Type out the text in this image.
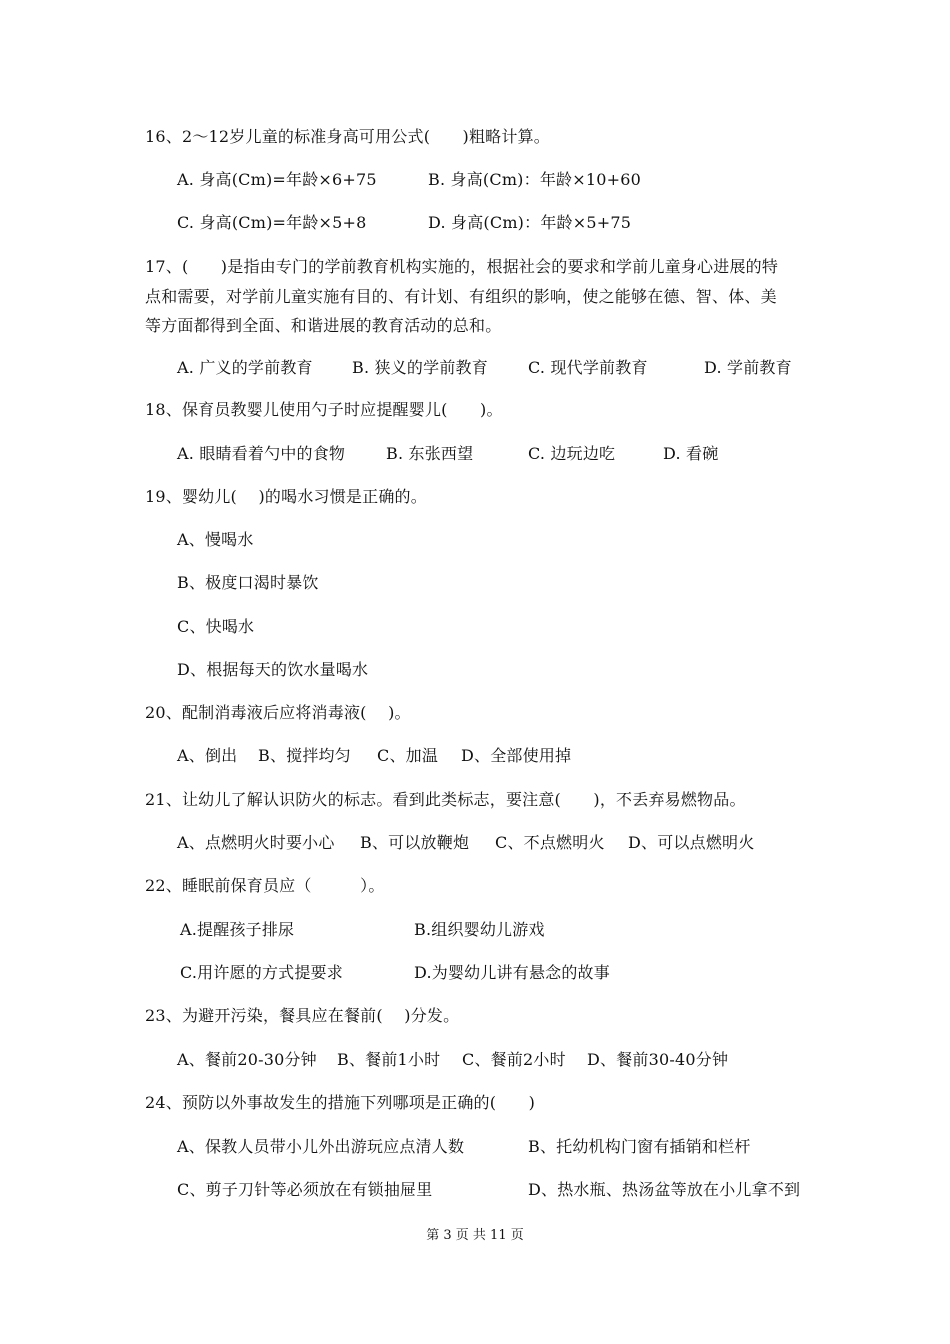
16、2～12岁儿童的标准身高可用公式(　　)粗略计算。
A. 身高(Cm)=年龄×6+75	B. 身高(Cm)：年龄×10+60
C. 身高(Cm)=年龄×5+8	D. 身高(Cm)：年龄×5+75
17、(　　)是指由专门的学前教育机构实施的，根据社会的要求和学前儿童身心进展的特
点和需要，对学前儿童实施有目的、有计划、有组织的影响，使之能够在德、智、体、美
等方面都得到全面、和谐进展的教育活动的总和。
A. 广义的学前教育 B. 狭义的学前教育	C. 现代学前教育	D. 学前教育
18、保育员教婴儿使用勺子时应提醒婴儿(　　)。
A. 眼睛看着勺中的食物	B. 东张西望	C. 边玩边吃	D. 看碗
19、婴幼儿(　 )的喝水习惯是正确的。
A、慢喝水
B、极度口渴时暴饮
C、快喝水
D、根据每天的饮水量喝水
20、配制消毒液后应将消毒液(　 )。
A、倒出 B、搅拌均匀 C、加温 D、全部使用掉
21、让幼儿了解认识防火的标志。看到此类标志，要注意(　　)，不丢弃易燃物品。
A、点燃明火时要小心 B、可以放鞭炮 C、不点燃明火 D、可以点燃明火
22、睡眠前保育员应（　　　）。
A.提醒孩子排尿	B.组织婴幼儿游戏
C.用许愿的方式提要求	D.为婴幼儿讲有悬念的故事
23、为避开污染，餐具应在餐前(　 )分发。
A、餐前20-30分钟 B、餐前1小时 C、餐前2小时 D、餐前30-40分钟
24、预防以外事故发生的措施下列哪项是正确的(　　)
A、保教人员带小儿外出游玩应点清人数	B、托幼机构门窗有插销和栏杆
C、剪子刀针等必须放在有锁抽屉里	D、热水瓶、热汤盆等放在小儿拿不到
第 3 页 共 11 页
